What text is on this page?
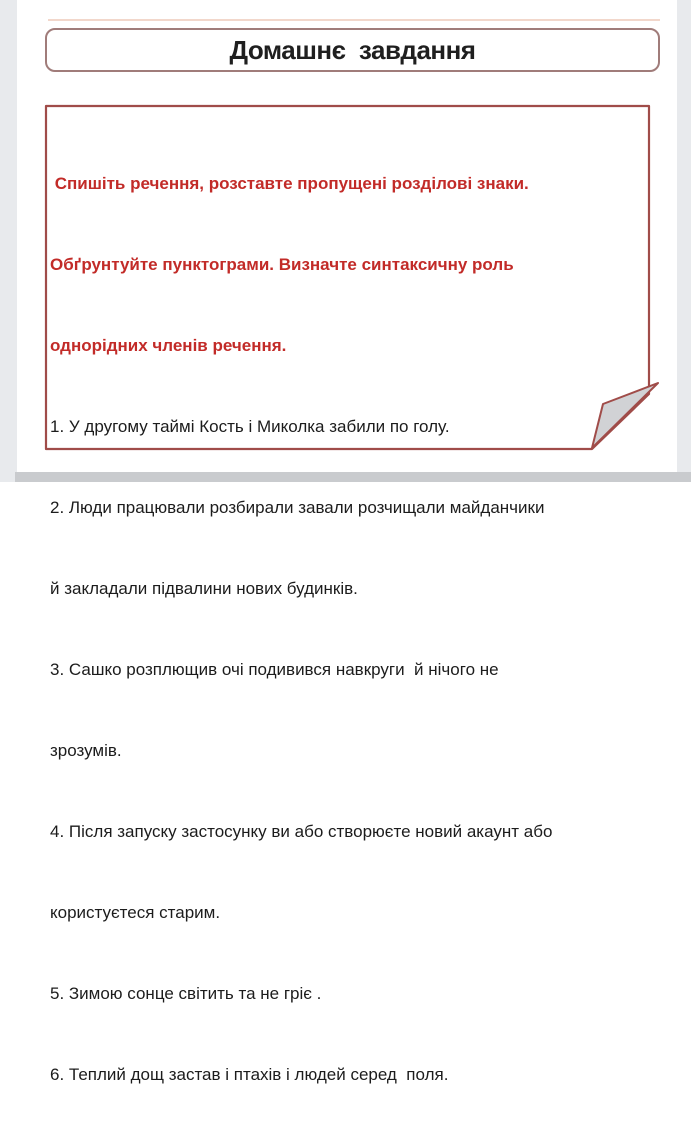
Домашнє  завдання

Спишіть речення, розставте пропущені розділові знаки.

Обґрунтуйте пунктограми. Визначте синтаксичну роль

однорідних членів речення.

1. У другому таймі Кость і Миколка забили по голу.

2. Люди працювали розбирали завали розчищали майданчики

й закладали підвалини нових будинків.

3. Сашко розплющив очі подивився навкруги  й нічого не

зрозумів.

4. Після запуску застосунку ви або створюєте новий акаунт або

користуєтеся старим.

5. Зимою сонце світить та не гріє .

6. Теплий дощ застав і птахів і людей серед  поля.
